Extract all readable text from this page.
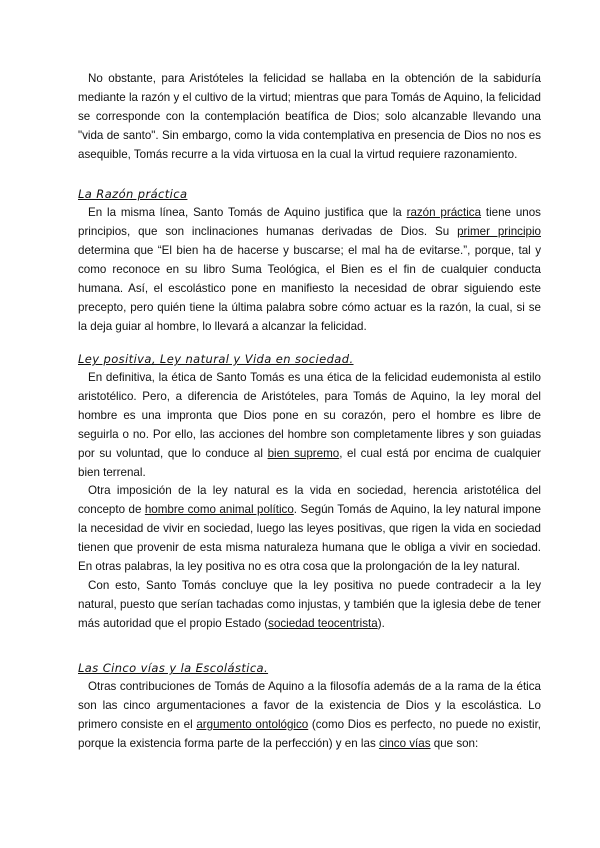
No obstante, para Aristóteles la felicidad se hallaba en la obtención de la sabiduría mediante la razón y el cultivo de la virtud; mientras que para Tomás de Aquino, la felicidad se corresponde con la contemplación beatífica de Dios; solo alcanzable llevando una "vida de santo". Sin embargo, como la vida contemplativa en presencia de Dios no nos es asequible, Tomás recurre a la vida virtuosa en la cual la virtud requiere razonamiento.

La Razón práctica

En la misma línea, Santo Tomás de Aquino justifica que la razón práctica tiene unos principios, que son inclinaciones humanas derivadas de Dios. Su primer principio determina que “El bien ha de hacerse y buscarse; el mal ha de evitarse.”, porque, tal y como reconoce en su libro Suma Teológica, el Bien es el fin de cualquier conducta humana. Así, el escolástico pone en manifiesto la necesidad de obrar siguiendo este precepto, pero quién tiene la última palabra sobre cómo actuar es la razón, la cual, si se la deja guiar al hombre, lo llevará a alcanzar la felicidad.

Ley positiva, Ley natural y Vida en sociedad.

En definitiva, la ética de Santo Tomás es una ética de la felicidad eudemonista al estilo aristotélico. Pero, a diferencia de Aristóteles, para Tomás de Aquino, la ley moral del hombre es una impronta que Dios pone en su corazón, pero el hombre es libre de seguirla o no. Por ello, las acciones del hombre son completamente libres y son guiadas por su voluntad, que lo conduce al bien supremo, el cual está por encima de cualquier bien terrenal.

Otra imposición de la ley natural es la vida en sociedad, herencia aristotélica del concepto de hombre como animal político. Según Tomás de Aquino, la ley natural impone la necesidad de vivir en sociedad, luego las leyes positivas, que rigen la vida en sociedad tienen que provenir de esta misma naturaleza humana que le obliga a vivir en sociedad. En otras palabras, la ley positiva no es otra cosa que la prolongación de la ley natural.

Con esto, Santo Tomás concluye que la ley positiva no puede contradecir a la ley natural, puesto que serían tachadas como injustas, y también que la iglesia debe de tener más autoridad que el propio Estado (sociedad teocentrista).

Las Cinco vías y la Escolástica.

Otras contribuciones de Tomás de Aquino a la filosofía además de a la rama de la ética son las cinco argumentaciones a favor de la existencia de Dios y la escolástica. Lo primero consiste en el argumento ontológico (como Dios es perfecto, no puede no existir, porque la existencia forma parte de la perfección) y en las cinco vías que son:
